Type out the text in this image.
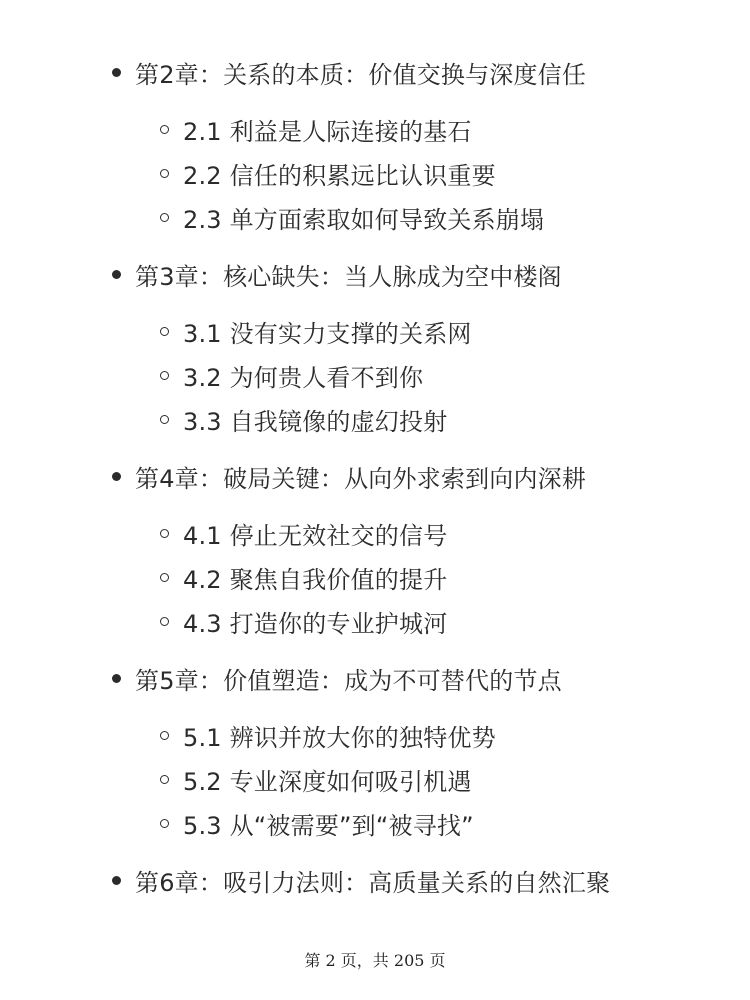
第2章：关系的本质：价值交换与深度信任
2.1 利益是人际连接的基石
2.2 信任的积累远比认识重要
2.3 单方面索取如何导致关系崩塌
第3章：核心缺失：当人脉成为空中楼阁
3.1 没有实力支撑的关系网
3.2 为何贵人看不到你
3.3 自我镜像的虚幻投射
第4章：破局关键：从向外求索到向内深耕
4.1 停止无效社交的信号
4.2 聚焦自我价值的提升
4.3 打造你的专业护城河
第5章：价值塑造：成为不可替代的节点
5.1 辨识并放大你的独特优势
5.2 专业深度如何吸引机遇
5.3 从“被需要”到“被寻找”
第6章：吸引力法则：高质量关系的自然汇聚
第 2 页，共 205 页
